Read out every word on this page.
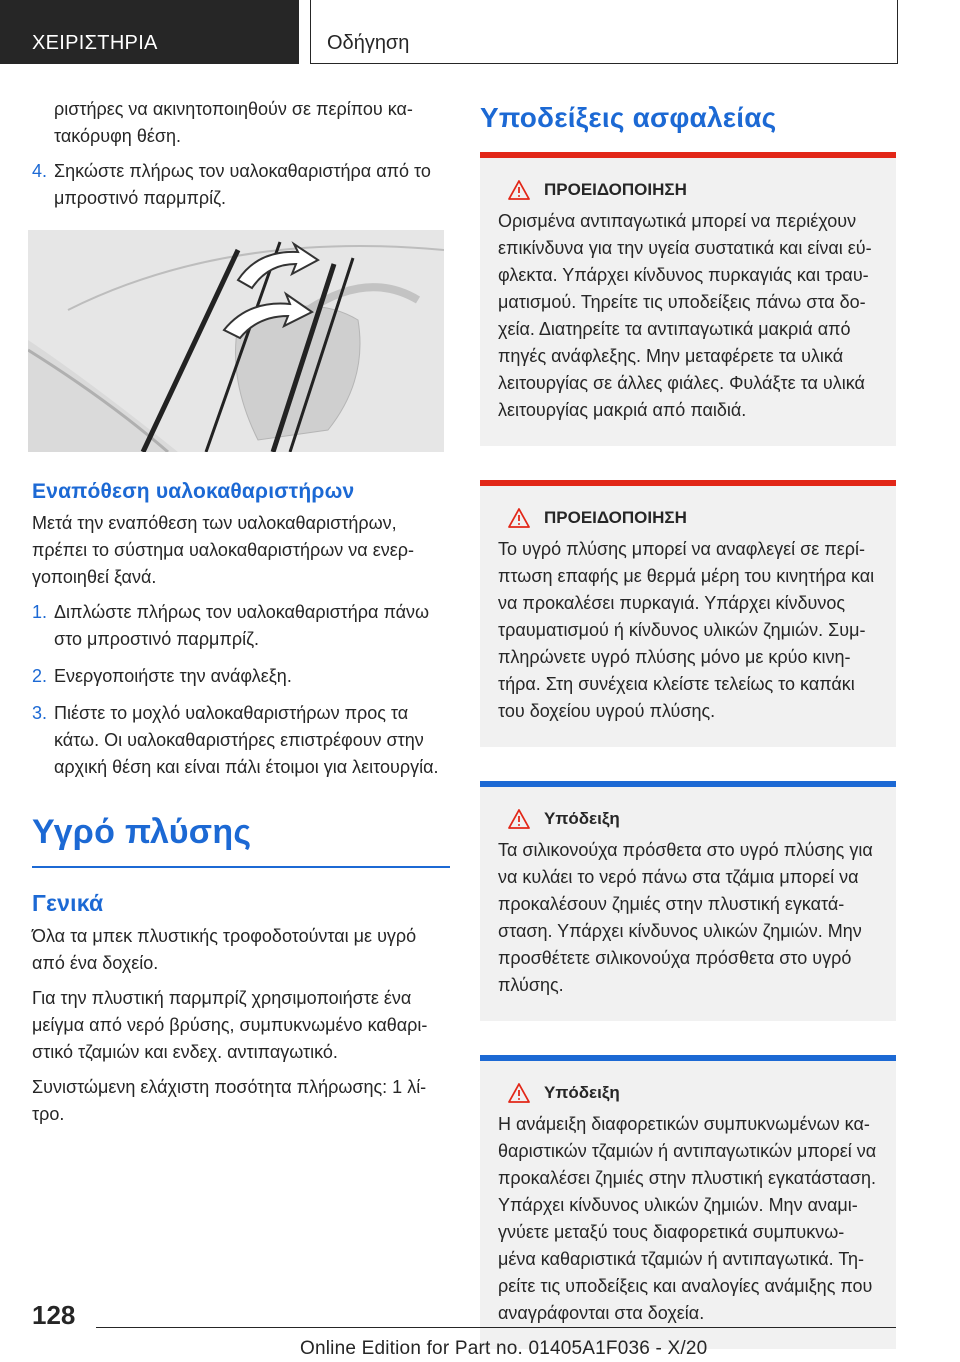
ΧΕΙΡΙΣΤΗΡΙΑ	Οδήγηση

ριστήρες να ακινητοποιηθούν σε περίπου κα-τακόρυφη θέση.

4. Σηκώστε πλήρως τον υαλοκαθαριστήρα από το μπροστινό παρμπρίζ.
Εναπόθεση υαλοκαθαριστήρων

Μετά την εναπόθεση των υαλοκαθαριστήρων, πρέπει το σύστημα υαλοκαθαριστήρων να ενερ-γοποιηθεί ξανά.

1. Διπλώστε πλήρως τον υαλοκαθαριστήρα πάνω στο μπροστινό παρμπρίζ.
2. Ενεργοποιήστε την ανάφλεξη.
3. Πιέστε το μοχλό υαλοκαθαριστήρων προς τα κάτω. Οι υαλοκαθαριστήρες επιστρέφουν στην αρχική θέση και είναι πάλι έτοιμοι για λειτουργία.
Υγρό πλύσης
Γενικά

Όλα τα μπεκ πλυστικής τροφοδοτούνται με υγρό από ένα δοχείο.

Για την πλυστική παρμπρίζ χρησιμοποιήστε ένα μείγμα από νερό βρύσης, συμπυκνωμένο καθαρι-στικό τζαμιών και ενδεχ. αντιπαγωτικό.

Συνιστώμενη ελάχιστη ποσότητα πλήρωσης: 1 λί-τρο.

Υποδείξεις ασφαλείας
ΠΡΟΕΙΔΟΠΟΙΗΣΗ

Ορισμένα αντιπαγωτικά μπορεί να περιέχουν επικίνδυνα για την υγεία συστατικά και είναι εύ-φλεκτα. Υπάρχει κίνδυνος πυρκαγιάς και τραυ-ματισμού. Τηρείτε τις υποδείξεις πάνω στα δο-χεία. Διατηρείτε τα αντιπαγωτικά μακριά από πηγές ανάφλεξης. Μην μεταφέρετε τα υλικά λειτουργίας σε άλλες φιάλες. Φυλάξτε τα υλικά λειτουργίας μακριά από παιδιά.

ΠΡΟΕΙΔΟΠΟΙΗΣΗ

Το υγρό πλύσης μπορεί να αναφλεγεί σε περί-πτωση επαφής με θερμά μέρη του κινητήρα και να προκαλέσει πυρκαγιά. Υπάρχει κίνδυνος τραυματισμού ή κίνδυνος υλικών ζημιών. Συμ-πληρώνετε υγρό πλύσης μόνο με κρύο κινη-τήρα. Στη συνέχεια κλείστε τελείως το καπάκι του δοχείου υγρού πλύσης.

Υπόδειξη

Τα σιλικονούχα πρόσθετα στο υγρό πλύσης για να κυλάει το νερό πάνω στα τζάμια μπορεί να προκαλέσουν ζημιές στην πλυστική εγκατά-σταση. Υπάρχει κίνδυνος υλικών ζημιών. Μην προσθέτετε σιλικονούχα πρόσθετα στο υγρό πλύσης.

Υπόδειξη

Η ανάμειξη διαφορετικών συμπυκνωμένων κα-θαριστικών τζαμιών ή αντιπαγωτικών μπορεί να προκαλέσει ζημιές στην πλυστική εγκατάσταση. Υπάρχει κίνδυνος υλικών ζημιών. Μην αναμι-γνύετε μεταξύ τους διαφορετικά συμπυκνω-μένα καθαριστικά τζαμιών ή αντιπαγωτικά. Τη-ρείτε τις υποδείξεις και αναλογίες ανάμιξης που αναγράφονται στα δοχεία.

128
Online Edition for Part no. 01405A1F036 - X/20
